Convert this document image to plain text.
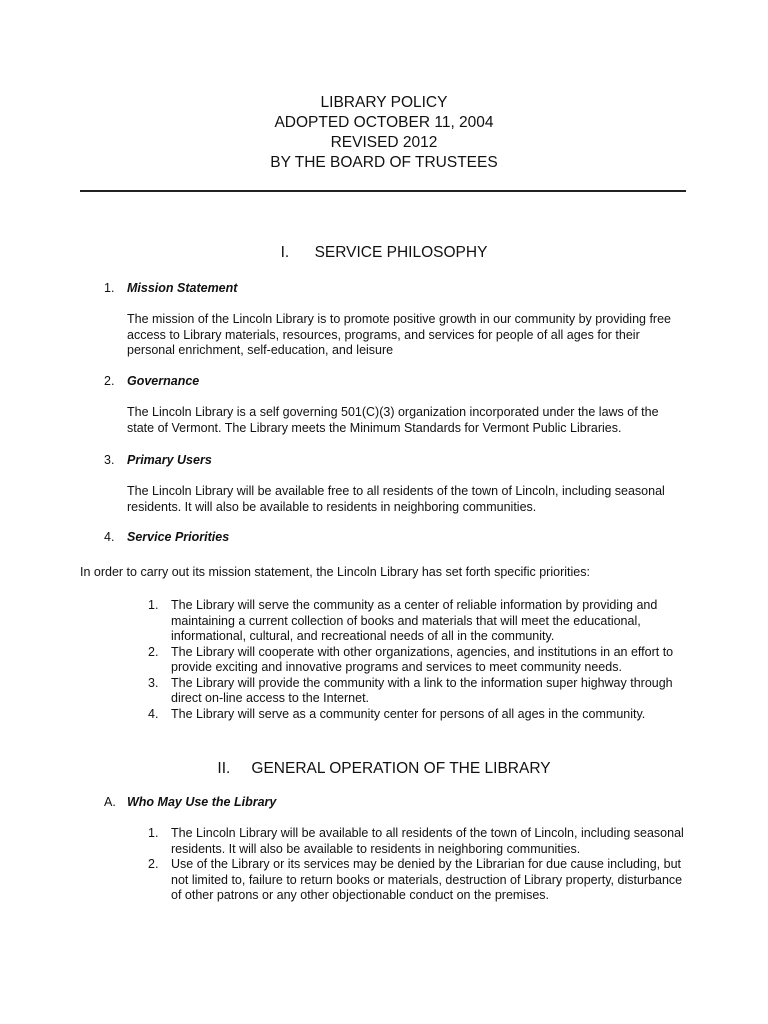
LIBRARY POLICY
ADOPTED OCTOBER 11, 2004
REVISED 2012
BY THE BOARD OF TRUSTEES
I. SERVICE PHILOSOPHY
1. Mission Statement
The mission of the Lincoln Library is to promote positive growth in our community by providing free access to Library materials, resources, programs, and services for people of all ages for their personal enrichment, self-education, and leisure
2. Governance
The Lincoln Library is a self governing 501(C)(3) organization incorporated under the laws of the state of Vermont. The Library meets the Minimum Standards for Vermont Public Libraries.
3. Primary Users
The Lincoln Library will be available free to all residents of the town of Lincoln, including seasonal residents. It will also be available to residents in neighboring communities.
4. Service Priorities
In order to carry out its mission statement, the Lincoln Library has set forth specific priorities:
1. The Library will serve the community as a center of reliable information by providing and maintaining a current collection of books and materials that will meet the educational, informational, cultural, and recreational needs of all in the community.
2. The Library will cooperate with other organizations, agencies, and institutions in an effort to provide exciting and innovative programs and services to meet community needs.
3. The Library will provide the community with a link to the information super highway through direct on-line access to the Internet.
4. The Library will serve as a community center for persons of all ages in the community.
II. GENERAL OPERATION OF THE LIBRARY
A. Who May Use the Library
1. The Lincoln Library will be available to all residents of the town of Lincoln, including seasonal residents. It will also be available to residents in neighboring communities.
2. Use of the Library or its services may be denied by the Librarian for due cause including, but not limited to, failure to return books or materials, destruction of Library property, disturbance of other patrons or any other objectionable conduct on the premises.
